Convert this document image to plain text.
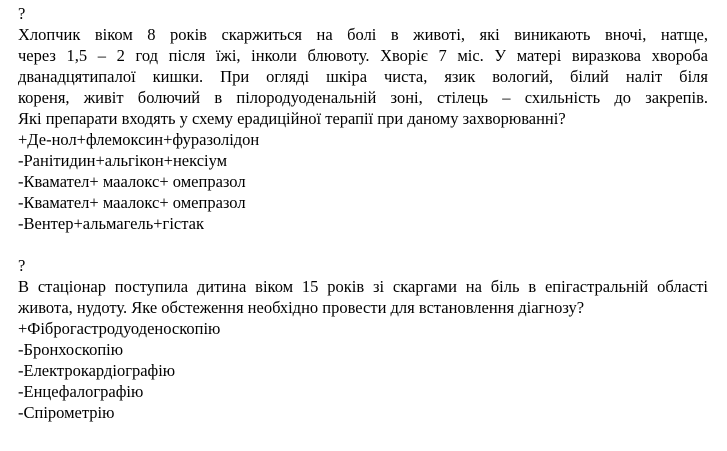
?
Хлопчик віком 8 років скаржиться на болі в животі, які виникають вночі, натще,
через 1,5 – 2 год після їжі, інколи блювоту. Хворіє 7 міс. У матері виразкова хвороба
дванадцятипалої кишки. При огляді шкіра чиста, язик вологий, білий наліт біля
кореня, живіт болючий в пілородуоденальній зоні, стілець – схильність до закрепів.
Які препарати входять у схему ерадиційної терапії при даному захворюванні?
+Де-нол+флемоксин+фуразолідон
-Ранітидин+альгікон+нексіум
-Квамател+ маалокс+ омепразол
-Квамател+ маалокс+ омепразол
-Вентер+альмагель+гістак
?
В стаціонар поступила дитина віком 15 років зі скаргами на біль в епігастральній області
живота, нудоту. Яке обстеження необхідно провести для встановлення діагнозу?
+Фіброгастродуоденоскопію
-Бронхоскопію
-Електрокардіографію
-Енцефалографію
-Спірометрію
